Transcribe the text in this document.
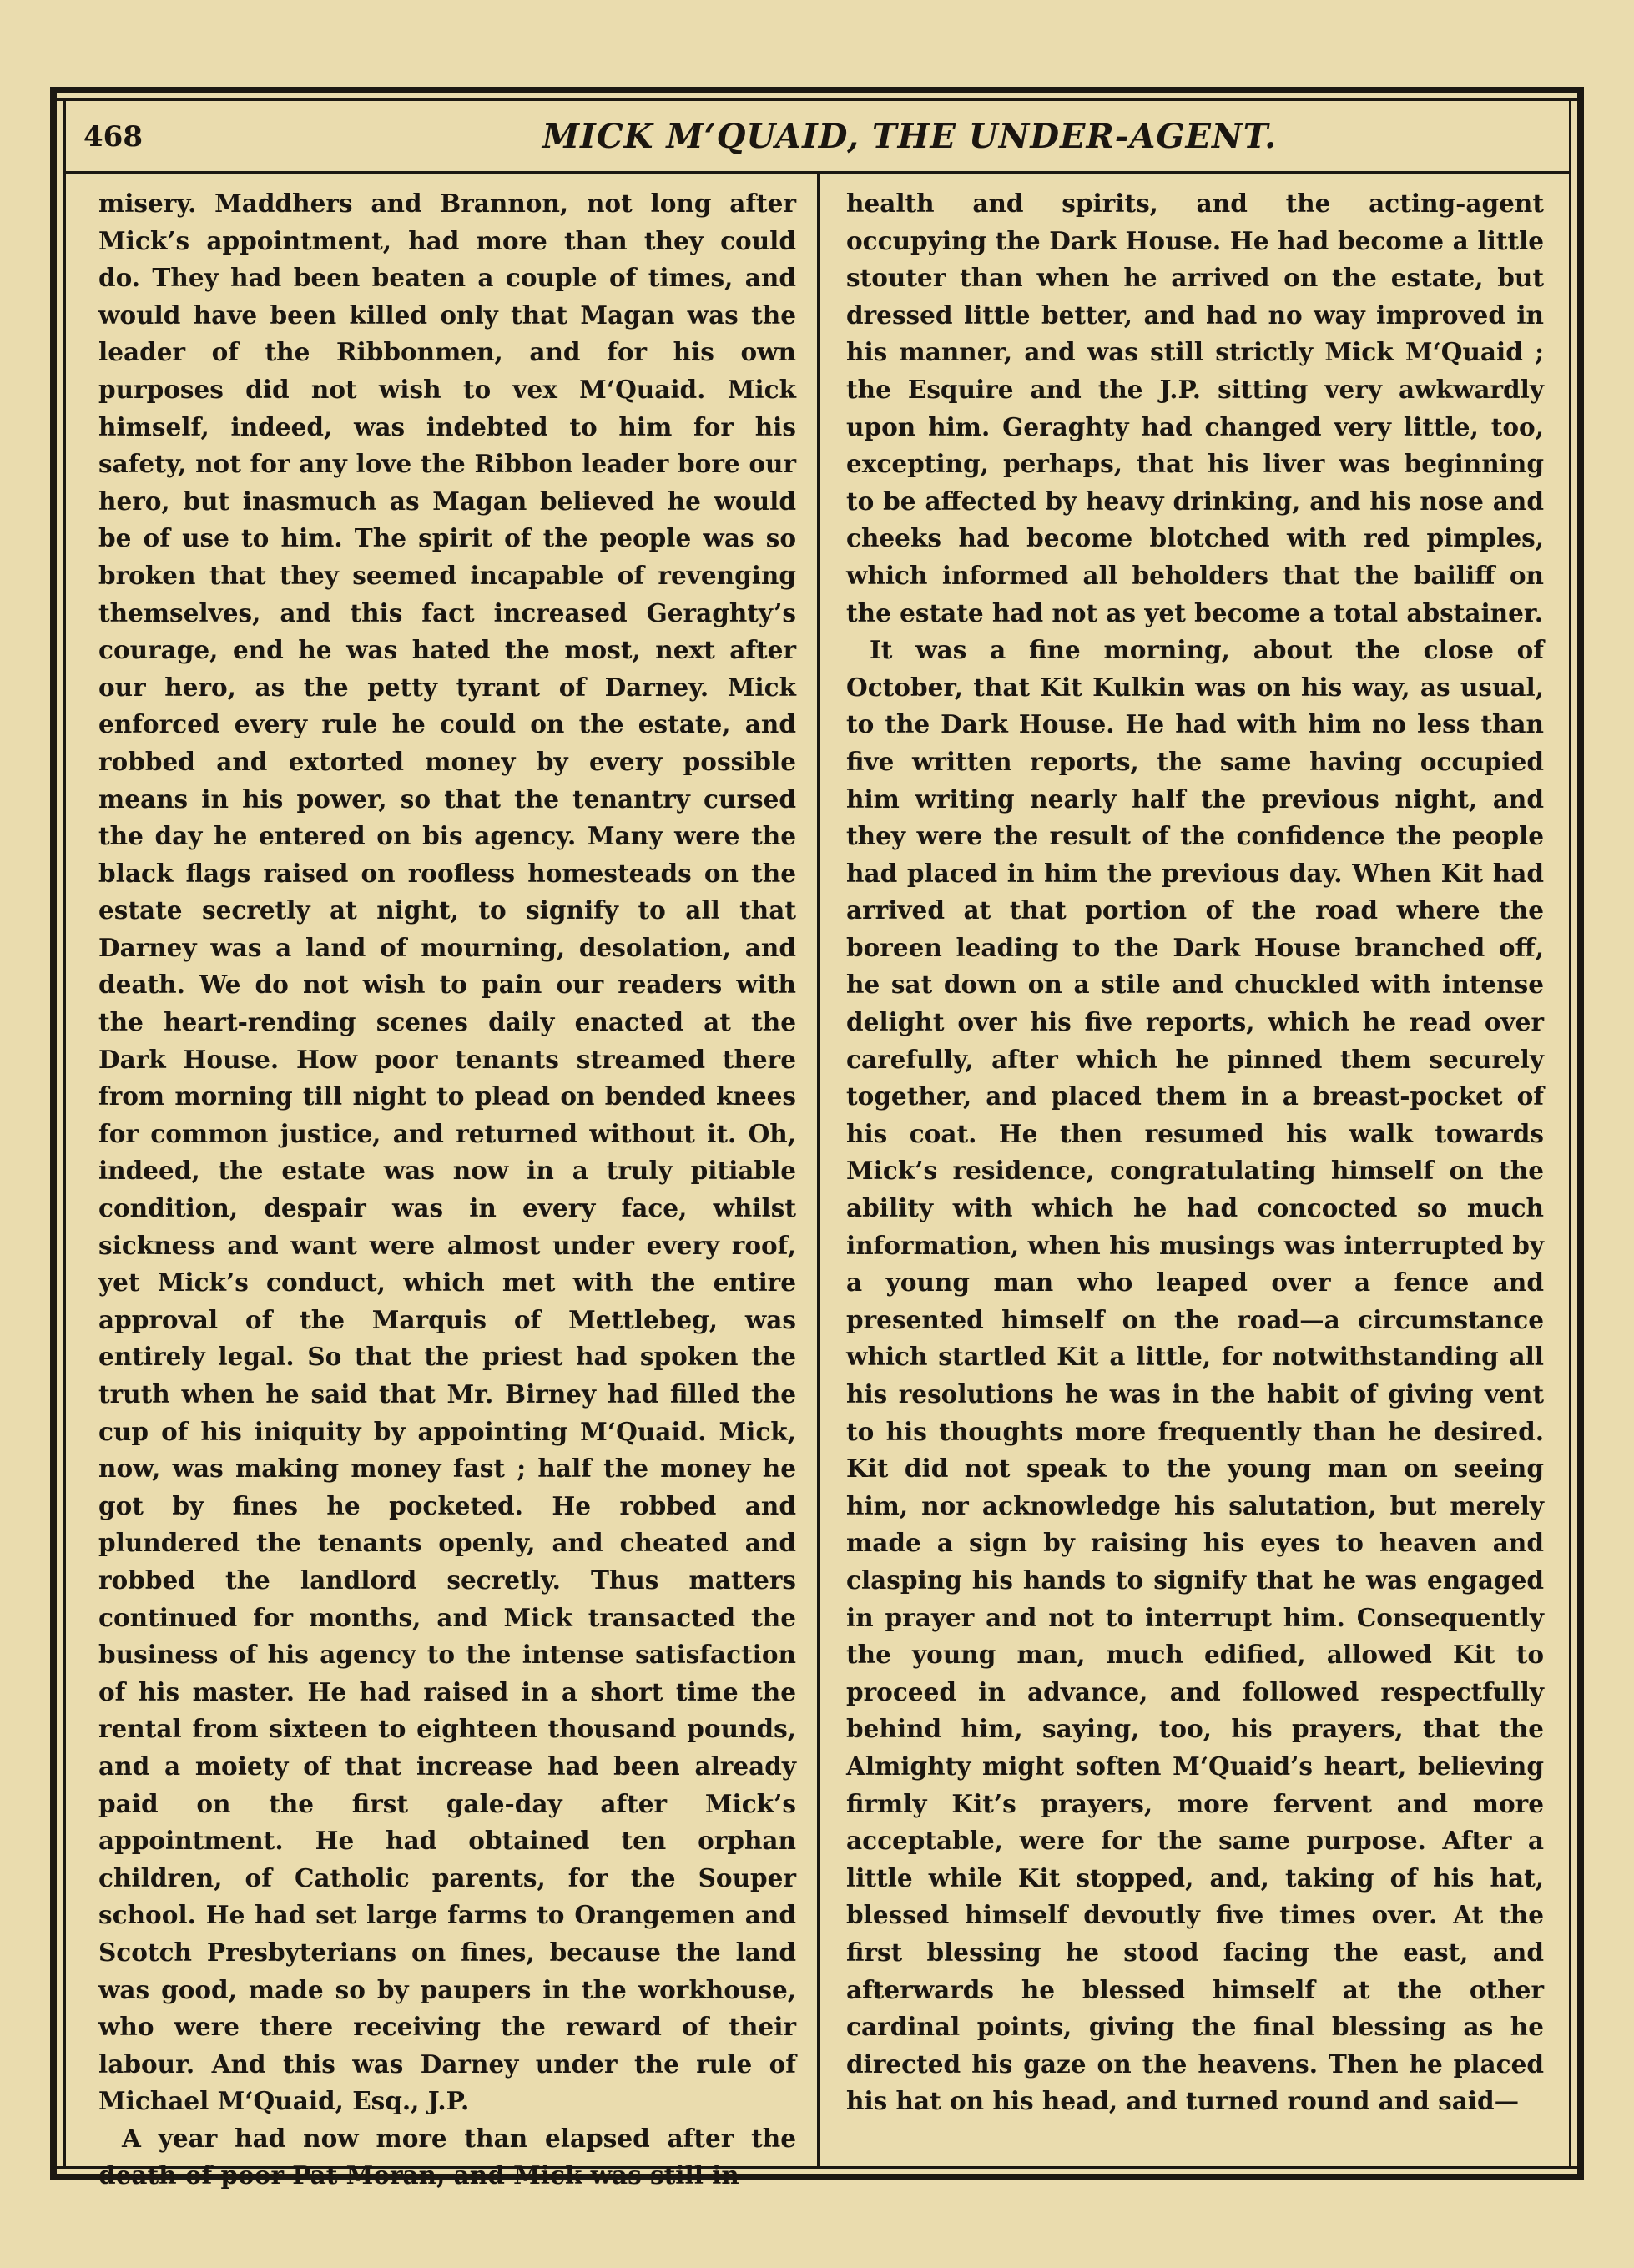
468	MICK M‘QUAID, THE UNDER-AGENT.

misery. Maddhers and Brannon, not long after Mick’s appointment, had more than they could do. They had been beaten a couple of times, and would have been killed only that Magan was the leader of the Ribbonmen, and for his own purposes did not wish to vex M‘Quaid. Mick himself, indeed, was indebted to him for his safety, not for any love the Ribbon leader bore our hero, but inasmuch as Magan believed he would be of use to him. The spirit of the people was so broken that they seemed incapable of revenging themselves, and this fact increased Geraghty’s courage, end he was hated the most, next after our hero, as the petty tyrant of Darney. Mick enforced every rule he could on the estate, and robbed and extorted money by every possible means in his power, so that the tenantry cursed the day he entered on bis agency. Many were the black flags raised on roofless homesteads on the estate secretly at night, to signify to all that Darney was a land of mourning, desolation, and death. We do not wish to pain our readers with the heart-rending scenes daily enacted at the Dark House. How poor tenants streamed there from morning till night to plead on bended knees for common justice, and returned without it. Oh, indeed, the estate was now in a truly pitiable condition, despair was in every face, whilst sickness and want were almost under every roof, yet Mick’s conduct, which met with the entire approval of the Marquis of Mettlebeg, was entirely legal. So that the priest had spoken the truth when he said that Mr. Birney had filled the cup of his iniquity by appointing M‘Quaid. Mick, now, was making money fast ; half the money he got by fines he pocketed. He robbed and plundered the tenants openly, and cheated and robbed the landlord secretly. Thus matters continued for months, and Mick transacted the business of his agency to the intense satisfaction of his master. He had raised in a short time the rental from sixteen to eighteen thousand pounds, and a moiety of that increase had been already paid on the first gale-day after Mick’s appointment. He had obtained ten orphan children, of Catholic parents, for the Souper school. He had set large farms to Orangemen and Scotch Presbyterians on fines, because the land was good, made so by paupers in the workhouse, who were there receiving the reward of their labour. And this was Darney under the rule of Michael M‘Quaid, Esq., J.P.

A year had now more than elapsed after the death of poor Pat Moran, and Mick was still in

health and spirits, and the acting-agent occupying the Dark House. He had become a little stouter than when he arrived on the estate, but dressed little better, and had no way improved in his manner, and was still strictly Mick M‘Quaid ; the Esquire and the J.P. sitting very awkwardly upon him. Geraghty had changed very little, too, excepting, perhaps, that his liver was beginning to be affected by heavy drinking, and his nose and cheeks had become blotched with red pimples, which informed all beholders that the bailiff on the estate had not as yet become a total abstainer.

It was a fine morning, about the close of October, that Kit Kulkin was on his way, as usual, to the Dark House. He had with him no less than five written reports, the same having occupied him writing nearly half the previous night, and they were the result of the confidence the people had placed in him the previous day. When Kit had arrived at that portion of the road where the boreen leading to the Dark House branched off, he sat down on a stile and chuckled with intense delight over his five reports, which he read over carefully, after which he pinned them securely together, and placed them in a breast-pocket of his coat. He then resumed his walk towards Mick’s residence, congratulating himself on the ability with which he had concocted so much information, when his musings was interrupted by a young man who leaped over a fence and presented himself on the road—a circumstance which startled Kit a little, for notwithstanding all his resolutions he was in the habit of giving vent to his thoughts more frequently than he desired. Kit did not speak to the young man on seeing him, nor acknowledge his salutation, but merely made a sign by raising his eyes to heaven and clasping his hands to signify that he was engaged in prayer and not to interrupt him. Consequently the young man, much edified, allowed Kit to proceed in advance, and followed respectfully behind him, saying, too, his prayers, that the Almighty might soften M‘Quaid’s heart, believing firmly Kit’s prayers, more fervent and more acceptable, were for the same purpose. After a little while Kit stopped, and, taking of his hat, blessed himself devoutly five times over. At the first blessing he stood facing the east, and afterwards he blessed himself at the other cardinal points, giving the final blessing as he directed his gaze on the heavens. Then he placed his hat on his head, and turned round and said—
